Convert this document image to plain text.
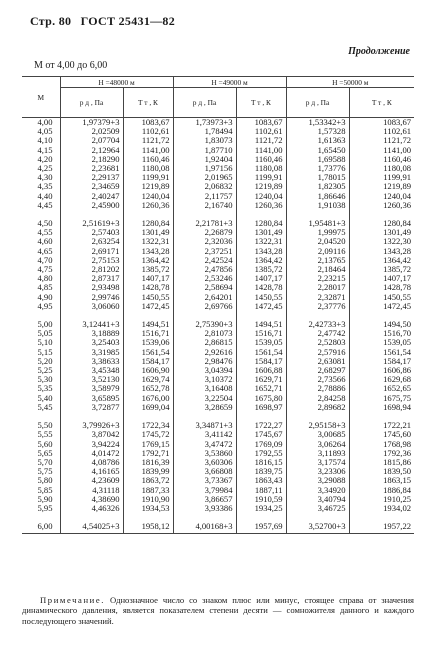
Стр. 80 ГОСТ 25431—82
Продолжение
М от 4,00 до 6,00
М	Н =48000 м		Н =49000 м		Н =50000 м	
	p д , Па	T т , К	p д , Па	T т , К	p д , Па	T т , К
4,00	1,97379+3	1083,67	1,73973+3	1083,67	1,53342+3	1083,67
4,05	2,02509	1102,61	1,78494	1102,61	1,57328	1102,61
4,10	2,07704	1121,72	1,83073	1121,72	1,61363	1121,72
4,15	2,12964	1141,00	1,87710	1141,00	1,65450	1141,00
4,20	2,18290	1160,46	1,92404	1160,46	1,69588	1160,46
4,25	2,23681	1180,08	1,97156	1180,08	1,73776	1180,08
4,30	2,29137	1199,91	2,01965	1199,91	1,78015	1199,91
4,35	2,34659	1219,89	2,06832	1219,89	1,82305	1219,89
4,40	2,40247	1240,04	2,11757	1240,04	1,86646	1240,04
4,45	2,45900	1260,36	2,16740	1260,36	1,91038	1260,36
4,50	2,51619+3	1280,84	2,21781+3	1280,84	1,95481+3	1280,84
4,55	2,57403	1301,49	2,26879	1301,49	1,99975	1301,49
4,60	2,63254	1322,31	2,32036	1322,31	2,04520	1322,30
4,65	2,69171	1343,28	2,37251	1343,28	2,09116	1343,28
4,70	2,75153	1364,42	2,42524	1364,42	2,13765	1364,42
4,75	2,81202	1385,72	2,47856	1385,72	2,18464	1385,72
4,80	2,87317	1407,17	2,53246	1407,17	2,23215	1407,17
4,85	2,93498	1428,78	2,58694	1428,78	2,28017	1428,78
4,90	2,99746	1450,55	2,64201	1450,55	2,32871	1450,55
4,95	3,06060	1472,45	2,69766	1472,45	2,37776	1472,45
5,00	3,12441+3	1494,51	2,75390+3	1494,51	2,42733+3	1494,50
5,05	3,18889	1516,71	2,81073	1516,71	2,47742	1516,70
5,10	3,25403	1539,06	2,86815	1539,05	2,52803	1539,05
5,15	3,31985	1561,54	2,92616	1561,54	2,57916	1561,54
5,20	3,38633	1584,17	2,98476	1584,17	2,63081	1584,17
5,25	3,45348	1606,90	3,04394	1606,88	2,68297	1606,86
5,30	3,52130	1629,74	3,10372	1629,71	2,73566	1629,68
5,35	3,58979	1652,78	3,16408	1652,71	2,78886	1652,65
5,40	3,65895	1676,00	3,22504	1675,80	2,84258	1675,75
5,45	3,72877	1699,04	3,28659	1698,97	2,89682	1698,94
5,50	3,79926+3	1722,34	3,34871+3	1722,27	2,95158+3	1722,21
5,55	3,87042	1745,72	3,41142	1745,67	3,00685	1745,60
5,60	3,94224	1769,15	3,47472	1769,09	3,06264	1768,98
5,65	4,01472	1792,71	3,53860	1792,55	3,11893	1792,36
5,70	4,08786	1816,39	3,60306	1816,15	3,17574	1815,86
5,75	4,16165	1839,99	3,66808	1839,75	3,23306	1839,50
5,80	4,23609	1863,72	3,73367	1863,43	3,29088	1863,15
5,85	4,31118	1887,33	3,79984	1887,11	3,34920	1886,84
5,90	4,38690	1910,90	3,86657	1910,59	3,40794	1910,25
5,95	4,46326	1934,53	3,93386	1934,25	3,46725	1934,02
6,00	4,54025+3	1958,12	4,00168+3	1957,69	3,52700+3	1957,22
Примечание. Однозначное число со знаком плюс или минус, стоящее справа от значения динамического давления, является показателем степени десяти — сомножителя данного и каждого последующего значений.
